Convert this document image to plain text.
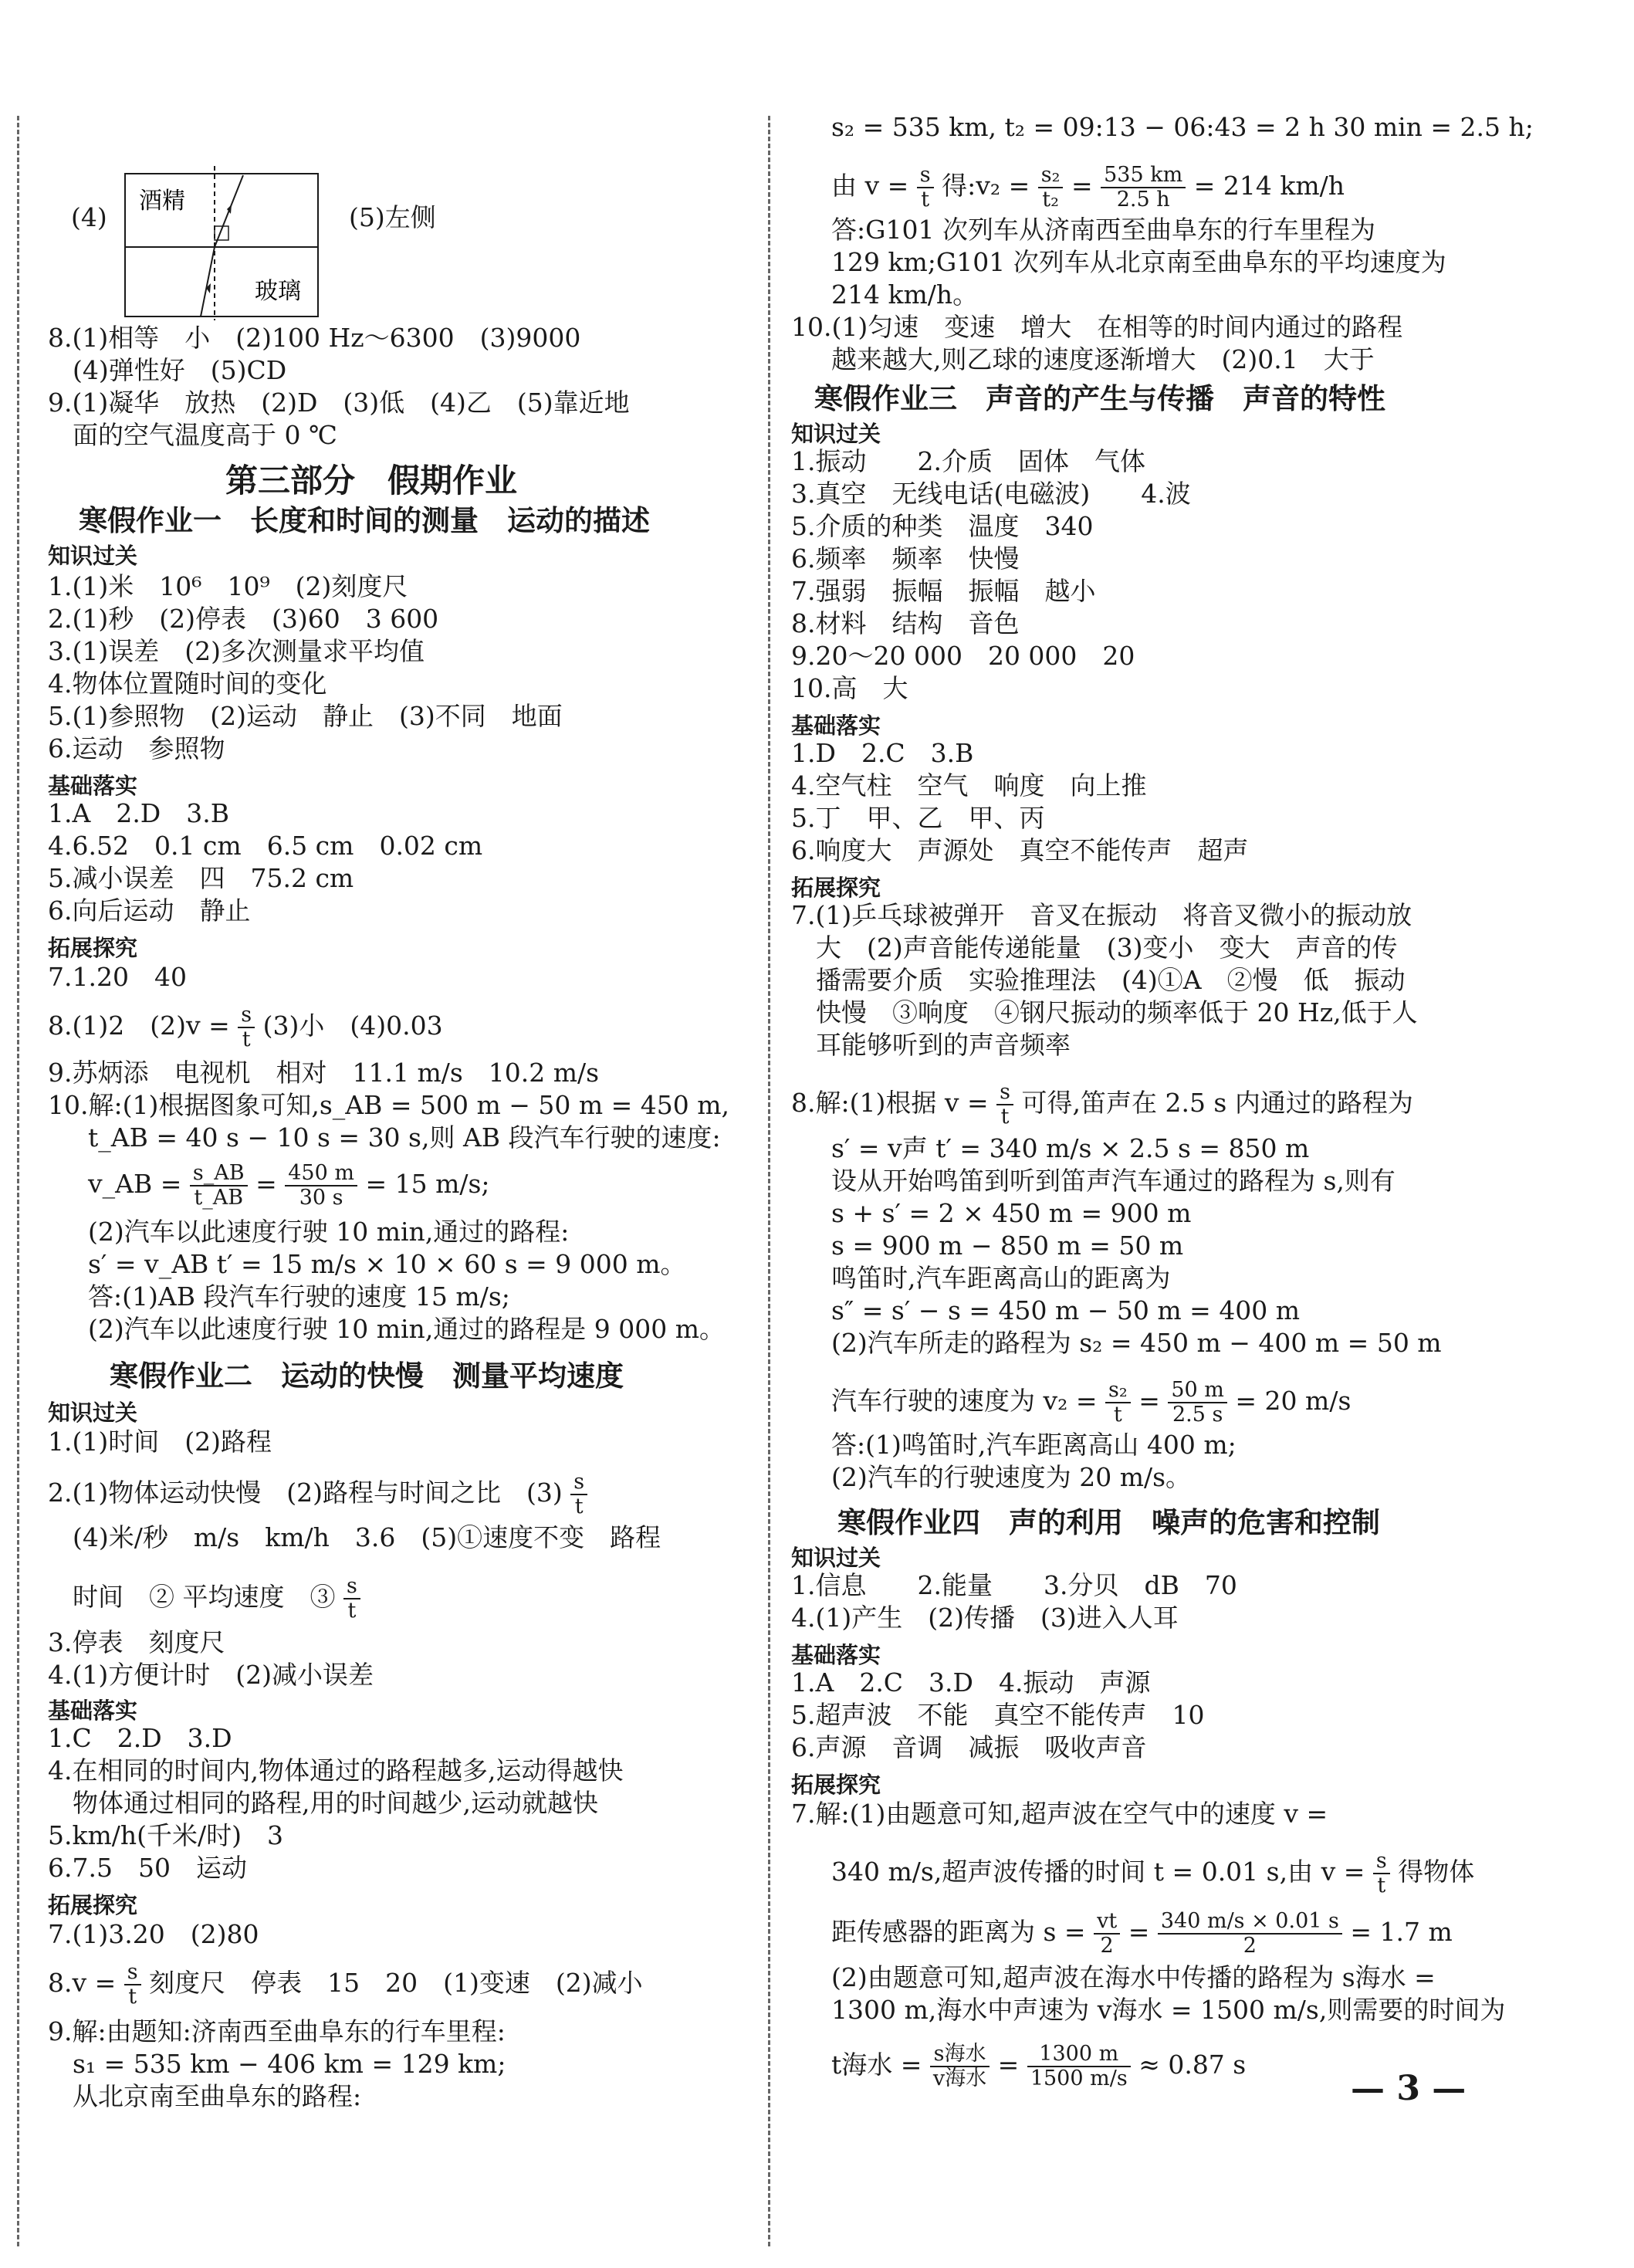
(4)	(5)左侧
8.(1)相等　小　(2)100 Hz～6300　(3)9000
(4)弹性好　(5)CD
9.(1)凝华　放热　(2)D　(3)低　(4)乙　(5)靠近地
面的空气温度高于 0 ℃
第三部分　假期作业
寒假作业一　长度和时间的测量　运动的描述
知识过关
1.(1)米　10⁶　10⁹　(2)刻度尺
2.(1)秒　(2)停表　(3)60　3 600
3.(1)误差　(2)多次测量求平均值
4.物体位置随时间的变化
5.(1)参照物　(2)运动　静止　(3)不同　地面
6.运动　参照物
基础落实
1.A　2.D　3.B
4.6.52　0.1 cm　6.5 cm　0.02 cm
5.减小误差　四　75.2 cm
6.向后运动　静止
拓展探究
7.1.20　40
8.(1)2　$(2)v = \frac{s}{t} (3)$小　(4)0.03
9.苏炳添　电视机　相对　11.1 m/s　10.2 m/s
10.解:(1)根据图象可知,s_AB = 500 m − 50 m = 450 m,
t_AB = 40 s − 10 s = 30 s,则 AB 段汽车行驶的速度:
v_AB = $\frac{s\_AB}{t\_AB} = \frac{450 m}{30 s} = 15$ m/s;
(2)汽车以此速度行驶 10 min,通过的路程:
s′ = v_AB t′ = 15 m/s × 10 × 60 s = 9 000 m。
答:(1)AB 段汽车行驶的速度 15 m/s;
(2)汽车以此速度行驶 10 min,通过的路程是 9 000 m。
寒假作业二　运动的快慢　测量平均速度
知识过关
1.(1)时间　(2)路程
2.(1)物体运动快慢　(2)路程与时间之比　$(3) \frac{s}{t}$
(4)米/秒　m/s　km/h　3.6　(5)①速度不变　路程
时间　② 平均速度　③ $\frac{s}{t}$
3.停表　刻度尺
4.(1)方便计时　(2)减小误差
基础落实
1.C　2.D　3.D
4.在相同的时间内,物体通过的路程越多,运动得越快
物体通过相同的路程,用的时间越少,运动就越快
5.km/h(千米/时)　3
6.7.5　50　运动
拓展探究
7.(1)3.20　(2)80
$8.v = \frac{s}{t}$ 刻度尺　停表　15　20　(1)变速　(2)减小
9.解:由题知:济南西至曲阜东的行车里程:
s₁ = 535 km − 406 km = 129 km;
从北京南至曲阜东的路程:
酒精
玻璃
s₂ = 535 km, t₂ = 09:13 − 06:43 = 2 h 30 min = 2.5 h;
由 $v = \frac{s}{t}$ 得:v₂ = $\frac{\text{s₂}}{\text{t₂}} = \frac{535 km}{2.5 h} = 214$ km/h
答:G101 次列车从济南西至曲阜东的行车里程为
129 km;G101 次列车从北京南至曲阜东的平均速度为
214 km/h。
10.(1)匀速　变速　增大　在相等的时间内通过的路程
越来越大,则乙球的速度逐渐增大　(2)0.1　大于
寒假作业三　声音的产生与传播　声音的特性
知识过关
1.振动　　2.介质　固体　气体
3.真空　无线电话(电磁波)　　4.波
5.介质的种类　温度　340
6.频率　频率　快慢
7.强弱　振幅　振幅　越小
8.材料　结构　音色
9.20～20 000　20 000　20
10.高　大
基础落实
1.D　2.C　3.B
4.空气柱　空气　响度　向上推
5.丁　甲、乙　甲、丙
6.响度大　声源处　真空不能传声　超声
拓展探究
7.(1)乒乓球被弹开　音叉在振动　将音叉微小的振动放
大　(2)声音能传递能量　(3)变小　变大　声音的传
播需要介质　实验推理法　(4)①A　②慢　低　振动
快慢　③响度　④钢尺振动的频率低于 20 Hz,低于人
耳能够听到的声音频率
8.解:(1)根据 $v = \frac{s}{t}$ 可得,笛声在 2.5 s 内通过的路程为
s′ = v声 t′ = 340 m/s × 2.5 s = 850 m
设从开始鸣笛到听到笛声汽车通过的路程为 s,则有
s + s′ = 2 × 450 m = 900 m
s = 900 m − 850 m = 50 m
鸣笛时,汽车距离高山的距离为
s″ = s′ − s = 450 m − 50 m = 400 m
(2)汽车所走的路程为 s₂ = 450 m − 400 m = 50 m
汽车行驶的速度为 $v_2 = \frac{\text{s₂}}{t} = \frac{50 m}{2.5 s} = 20$ m/s
答:(1)鸣笛时,汽车距离高山 400 m;
(2)汽车的行驶速度为 20 m/s。
寒假作业四　声的利用　噪声的危害和控制
知识过关
1.信息　　2.能量　　3.分贝　dB　70
4.(1)产生　(2)传播　(3)进入人耳
基础落实
1.A　2.C　3.D　4.振动　声源
5.超声波　不能　真空不能传声　10
6.声源　音调　减振　吸收声音
拓展探究
7.解:(1)由题意可知,超声波在空气中的速度 v =
340 m/s,超声波传播的时间 t = 0.01 s,由 $v = \frac{s}{t}$ 得物体
距传感器的距离为 $s = \frac{vt}{2} = \frac{340 m/s \times 0.01 s}{2} = 1.7$ m
(2)由题意可知,超声波在海水中传播的路程为 s海水 =
1300 m,海水中声速为 v海水 = 1500 m/s,则需要的时间为
t海水 = $\frac{\text{s海水}}{\text{v海水}} = \frac{1300 m}{1500 m/s} \approx 0.87$ s
— 3 —
